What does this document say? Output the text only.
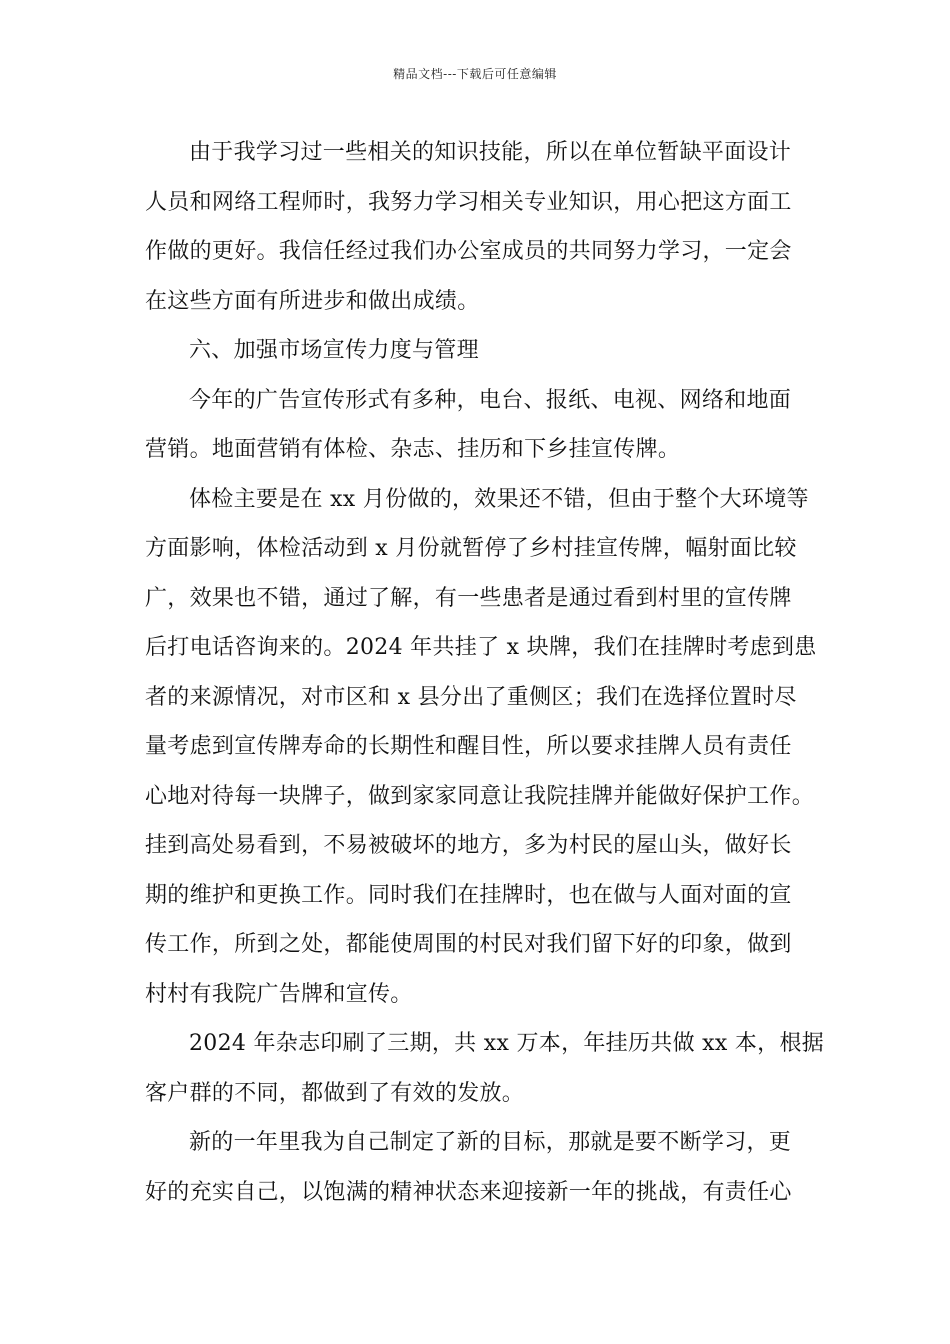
精品文档---下载后可任意编辑
由于我学习过一些相关的知识技能，所以在单位暂缺平面设计
人员和网络工程师时，我努力学习相关专业知识，用心把这方面工
作做的更好。我信任经过我们办公室成员的共同努力学习，一定会
在这些方面有所进步和做出成绩。
六、加强市场宣传力度与管理
今年的广告宣传形式有多种，电台、报纸、电视、网络和地面
营销。地面营销有体检、杂志、挂历和下乡挂宣传牌。
体检主要是在 xx 月份做的，效果还不错，但由于整个大环境等
方面影响，体检活动到 x 月份就暂停了乡村挂宣传牌，幅射面比较
广，效果也不错，通过了解，有一些患者是通过看到村里的宣传牌
后打电话咨询来的。2024 年共挂了 x 块牌，我们在挂牌时考虑到患
者的来源情况，对市区和 x 县分出了重侧区；我们在选择位置时尽
量考虑到宣传牌寿命的长期性和醒目性，所以要求挂牌人员有责任
心地对待每一块牌子，做到家家同意让我院挂牌并能做好保护工作。
挂到高处易看到，不易被破坏的地方，多为村民的屋山头，做好长
期的维护和更换工作。同时我们在挂牌时，也在做与人面对面的宣
传工作，所到之处，都能使周围的村民对我们留下好的印象，做到
村村有我院广告牌和宣传。
2024 年杂志印刷了三期，共 xx 万本，年挂历共做 xx 本，根据
客户群的不同，都做到了有效的发放。
新的一年里我为自己制定了新的目标，那就是要不断学习，更
好的充实自己，以饱满的精神状态来迎接新一年的挑战，有责任心
